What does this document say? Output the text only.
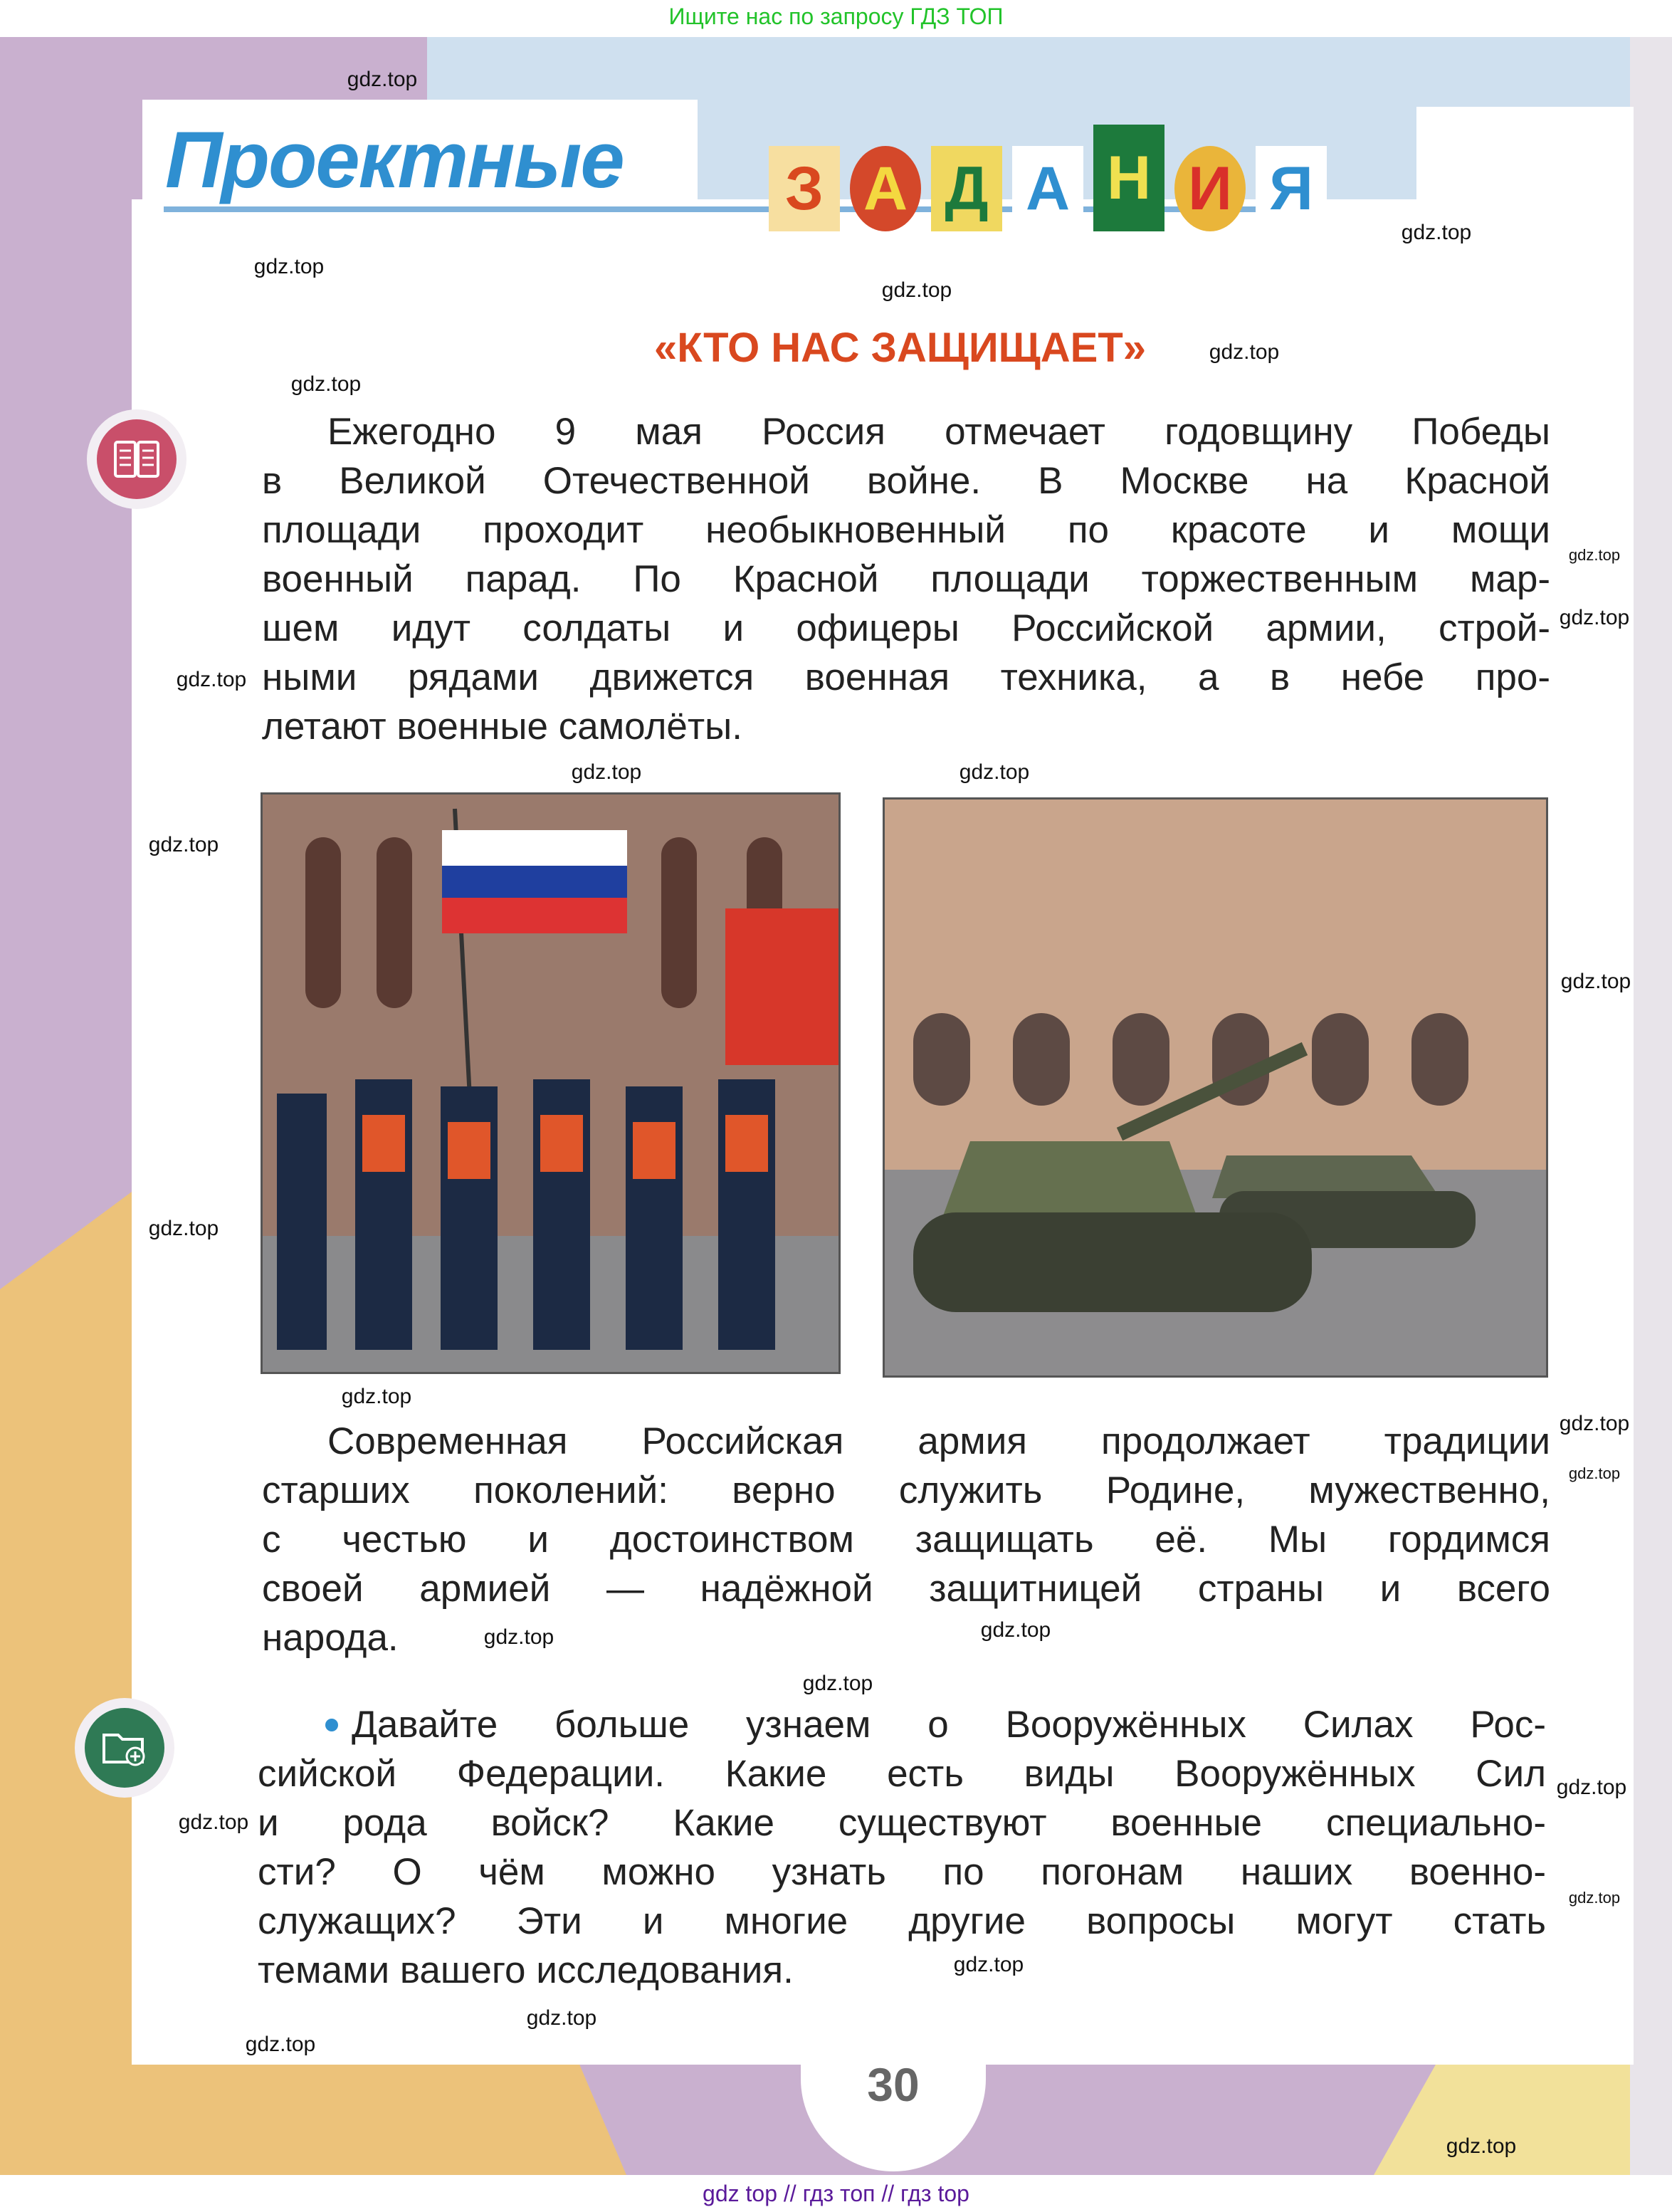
Ищите нас по запросу ГДЗ ТОП
Проектные	З А Д А Н И Я
«КТО НАС ЗАЩИЩАЕТ»
Ежегодно 9 мая Россия отмечает годовщину Победы
в Великой Отечественной войне. В Москве на Красной
площади проходит необыкновенный по красоте и мощи
военный парад. По Красной площади торжественным мар-
шем идут солдаты и офицеры Российской армии, строй-
ными рядами движется военная техника, а в небе про-
летают военные самолёты.
Современная Российская армия продолжает традиции
старших поколений: верно служить Родине, мужественно,
с честью и достоинством защищать её. Мы гордимся
своей армией — надёжной защитницей страны и всего
народа.
Давайте больше узнаем о Вооружённых Силах Рос-
сийской Федерации. Какие есть виды Вооружённых Сил
и рода войск? Какие существуют военные специально-
сти? О чём можно узнать по погонам наших военно-
служащих? Эти и многие другие вопросы могут стать
темами вашего исследования.
30
gdz top // гдз топ // гдз top
gdz.top
gdz.top
gdz.top
gdz.top
gdz.top
gdz.top
gdz.top
gdz.top
gdz.top
gdz.top
gdz.top
gdz.top
gdz.top
gdz.top
gdz.top
gdz.top
gdz.top
gdz.top
gdz.top
gdz.top
gdz.top
gdz.top
gdz.top
gdz.top
gdz.top
gdz.top
gdz.top
